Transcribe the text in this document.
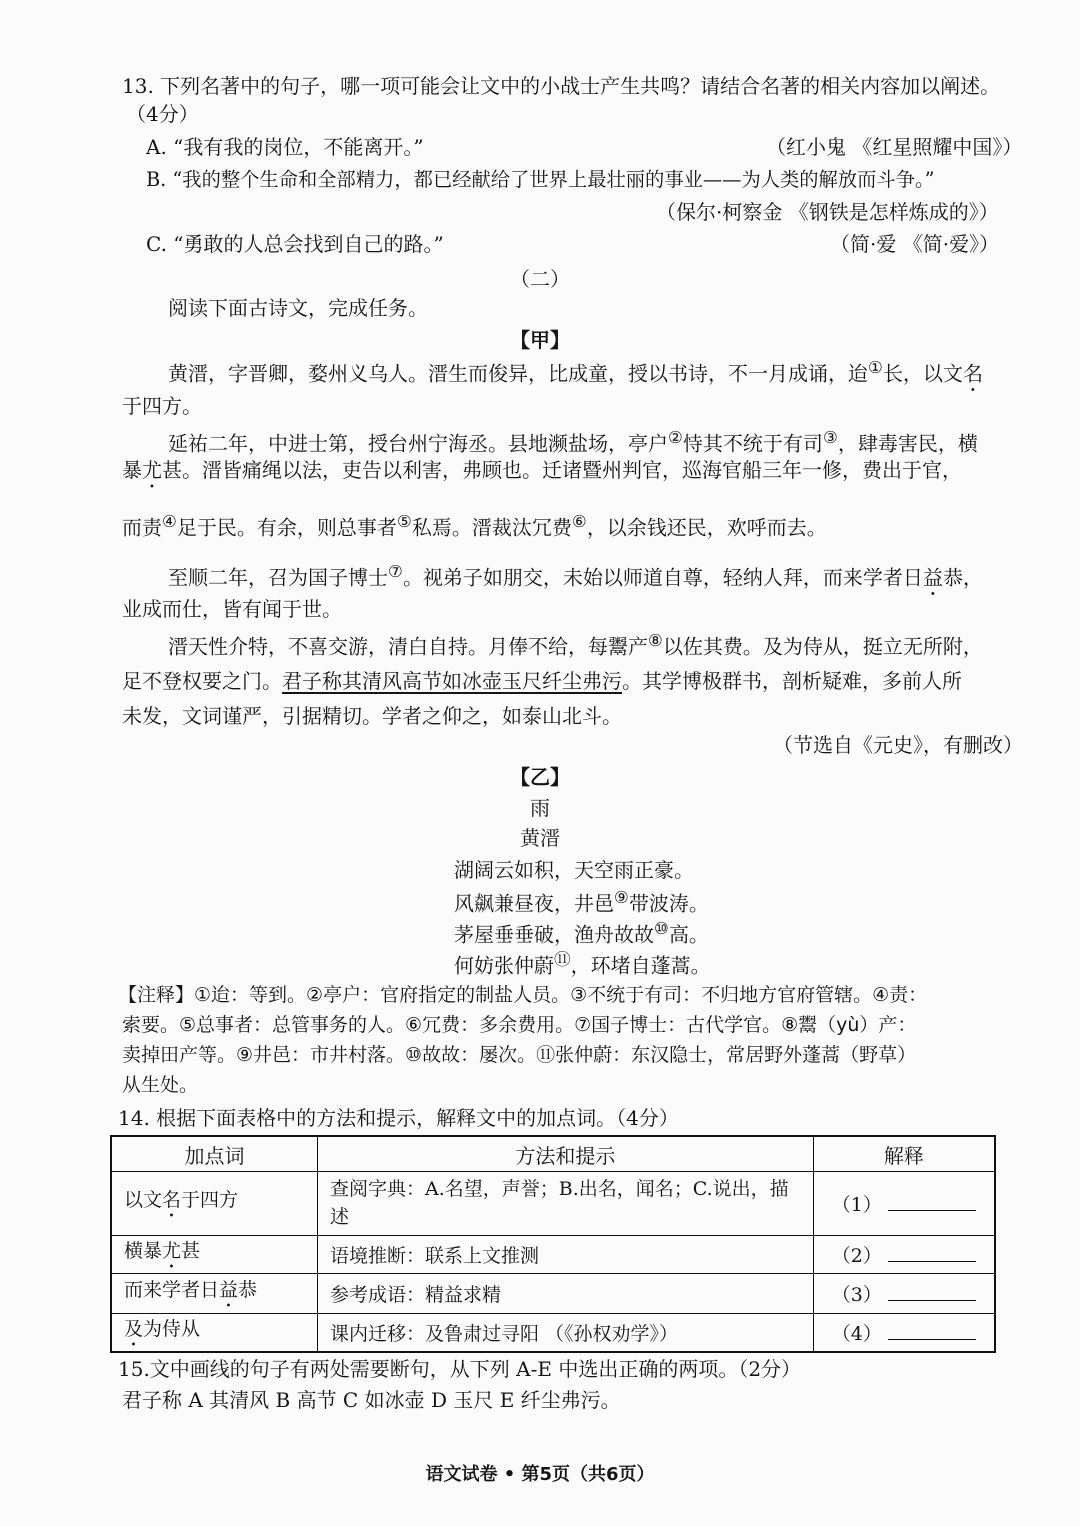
13. 下列名著中的句子，哪一项可能会让文中的小战士产生共鸣？请结合名著的相关内容加以阐述。
（4分）
A. “我有我的岗位，不能离开。”	（红小鬼 《红星照耀中国》）
B. “我的整个生命和全部精力，都已经献给了世界上最壮丽的事业——为人类的解放而斗争。”
（保尔·柯察金 《钢铁是怎样炼成的》）
C. “勇敢的人总会找到自己的路。”	（简·爱 《简·爱》）
（二）
阅读下面古诗文，完成任务。
【甲】
黄溍，字晋卿，婺州义乌人。溍生而俊异，比成童，授以书诗，不一月成诵，迨①长，以文名
于四方。
延祐二年，中进士第，授台州宁海丞。县地濒盐场，亭户②恃其不统于有司③，肆毒害民，横
暴尤甚。溍皆痛绳以法，吏告以利害，弗顾也。迁诸暨州判官，巡海官船三年一修，费出于官，
而责④足于民。有余，则总事者⑤私焉。溍裁汰冗费⑥，以余钱还民，欢呼而去。
至顺二年，召为国子博士⑦。视弟子如朋交，未始以师道自尊，轻纳人拜，而来学者日益恭，
业成而仕，皆有闻于世。
溍天性介特，不喜交游，清白自持。月俸不给，每鬻产⑧以佐其费。及为侍从，挺立无所附，
足不登权要之门。君子称其清风高节如冰壶玉尺纤尘弗污。其学博极群书，剖析疑难，多前人所
未发，文词谨严，引据精切。学者之仰之，如泰山北斗。
（节选自《元史》，有删改）
【乙】
雨
黄溍
湖阔云如积，天空雨正豪。
风飙兼昼夜，井邑⑨带波涛。
茅屋垂垂破，渔舟故故⑩高。
何妨张仲蔚⑪，环堵自蓬蒿。
【注释】①迨：等到。②亭户：官府指定的制盐人员。③不统于有司：不归地方官府管辖。④责：
索要。⑤总事者：总管事务的人。⑥冗费：多余费用。⑦国子博士：古代学官。⑧鬻（yù）产：
卖掉田产等。⑨井邑：市井村落。⑩故故：屡次。⑪张仲蔚：东汉隐士，常居野外蓬蒿（野草）
从生处。
14. 根据下面表格中的方法和提示，解释文中的加点词。（4分）
加点词	方法和提示	解释
以文名于四方	查阅字典：A.名望，声誉；B.出名，闻名；C.说出，描述	（1）
横暴尤甚	语境推断：联系上文推测	（2）
而来学者日益恭	参考成语：精益求精	（3）
及为侍从	课内迁移：及鲁肃过寻阳 （《孙权劝学》）	（4）
15.文中画线的句子有两处需要断句，从下列 A-E 中选出正确的两项。（2分）
君子称 A 其清风 B 高节 C 如冰壶 D 玉尺 E 纤尘弗污。
语文试卷 • 第5页（共6页）
